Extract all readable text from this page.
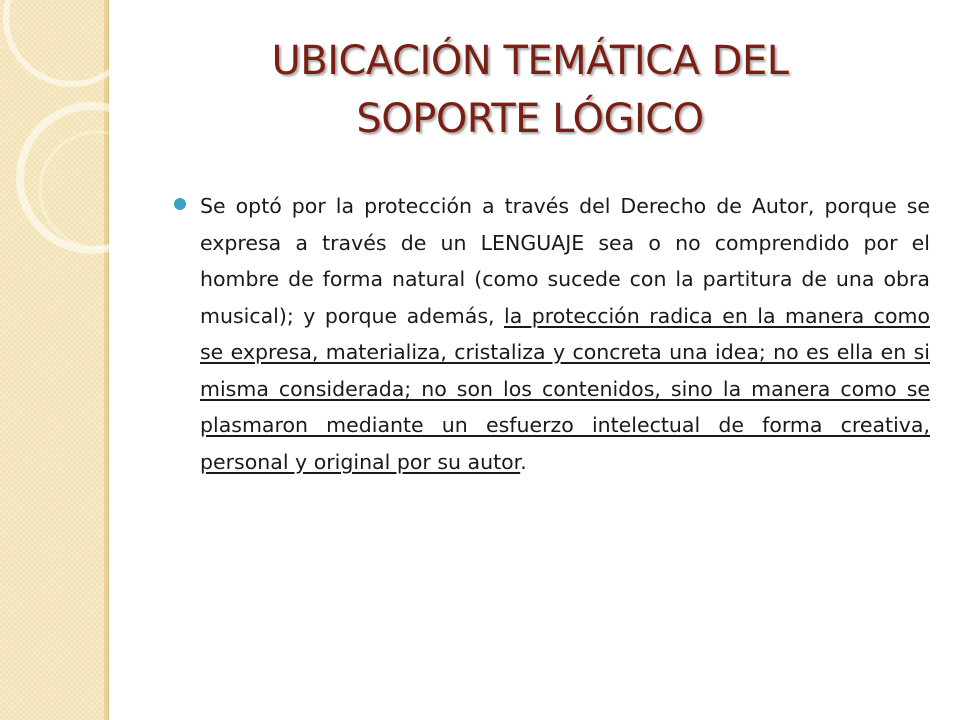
UBICACIÓN TEMÁTICA DEL
SOPORTE LÓGICO
Se optó por la protección a través del Derecho de Autor, porque se expresa a través de un LENGUAJE sea o no comprendido por el hombre de forma natural (como sucede con la partitura de una obra musical); y porque además, la protección radica en la manera como se expresa, materializa, cristaliza y concreta una idea; no es ella en si misma considerada; no son los contenidos, sino la manera como se plasmaron mediante un esfuerzo intelectual de forma creativa, personal y original por su autor.
